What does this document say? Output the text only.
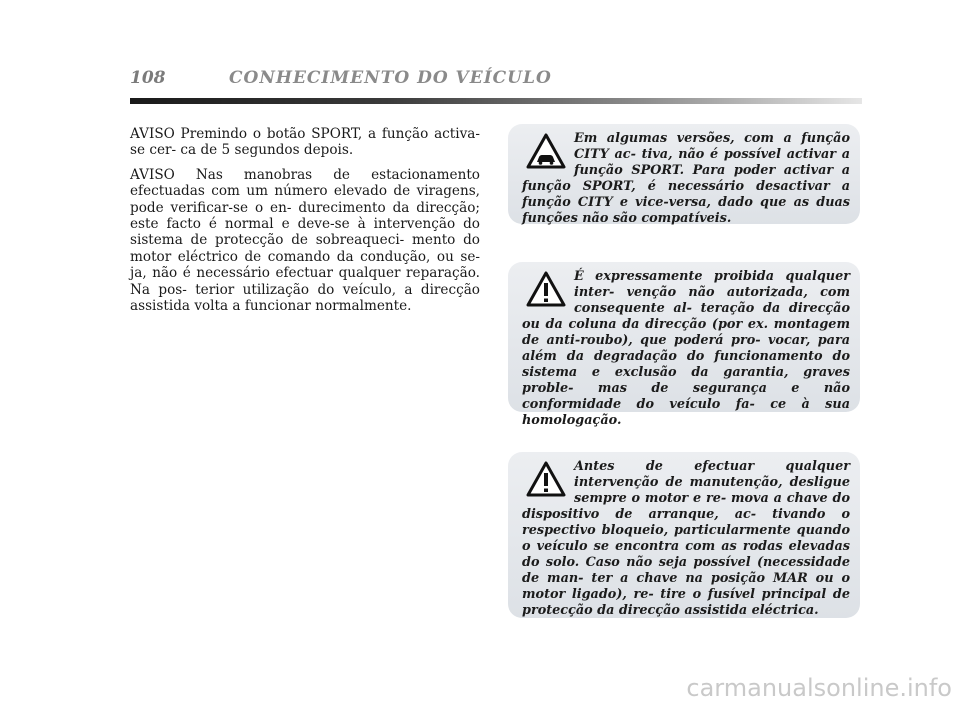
108	CONHECIMENTO DO VEÍCULO

AVISO Premindo o botão SPORT, a função activa-se cer- ca de 5 segundos depois.

AVISO Nas manobras de estacionamento efectuadas com um número elevado de viragens, pode verificar-se o en- durecimento da direcção; este facto é normal e deve-se à intervenção do sistema de protecção de sobreaqueci- mento do motor eléctrico de comando da condução, ou se- ja, não é necessário efectuar qualquer reparação. Na pos- terior utilização do veículo, a direcção assistida volta a funcionar normalmente.

Em algumas versões, com a função CITY ac- tiva, não é possível activar a função SPORT. Para poder activar a função SPORT, é necessário desactivar a função CITY e vice-versa, dado que as duas funções não são compatíveis.

É expressamente proibida qualquer inter- venção não autorizada, com consequente al- teração da direcção ou da coluna da direcção (por ex. montagem de anti-roubo), que poderá pro- vocar, para além da degradação do funcionamento do sistema e exclusão da garantia, graves proble- mas de segurança e não conformidade do veículo fa- ce à sua homologação.

Antes de efectuar qualquer intervenção de manutenção, desligue sempre o motor e re- mova a chave do dispositivo de arranque, ac- tivando o respectivo bloqueio, particularmente quando o veículo se encontra com as rodas elevadas do solo. Caso não seja possível (necessidade de man- ter a chave na posição MAR ou o motor ligado), re- tire o fusível principal de protecção da direcção assistida eléctrica.

carmanualsonline.info
